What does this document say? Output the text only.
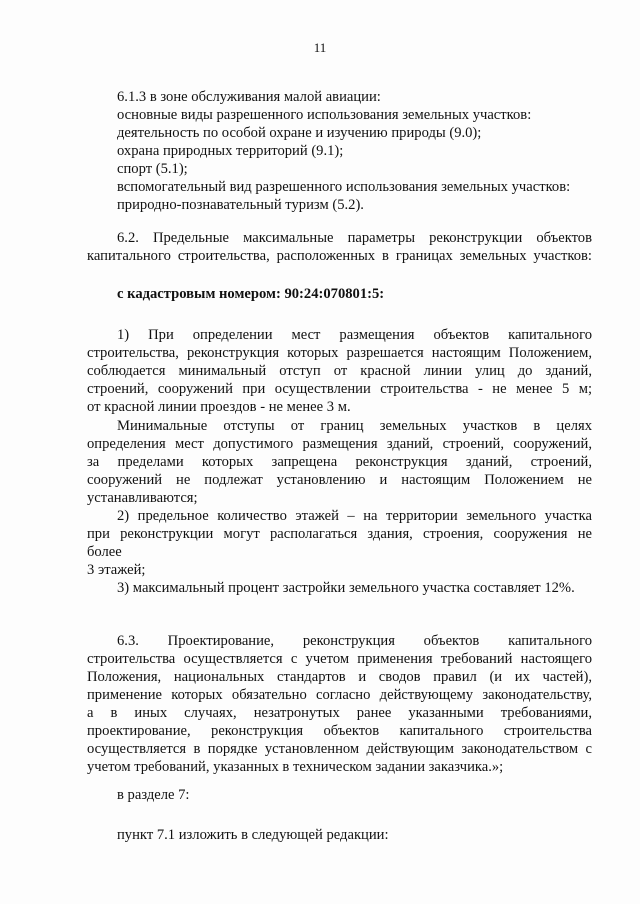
11
6.1.3 в зоне обслуживания малой авиации:
основные виды разрешенного использования земельных участков:
деятельность по особой охране и изучению природы (9.0);
охрана природных территорий (9.1);
спорт (5.1);
вспомогательный вид разрешенного использования земельных участков:
природно-познавательный туризм (5.2).
6.2. Предельные максимальные параметры реконструкции объектов
капитального строительства, расположенных в границах земельных участков:
с кадастровым номером: 90:24:070801:5:
1) При определении мест размещения объектов капитального
строительства, реконструкция которых разрешается настоящим Положением,
соблюдается минимальный отступ от красной линии улиц до зданий,
строений, сооружений при осуществлении строительства - не менее 5 м;
от красной линии проездов - не менее 3 м.
Минимальные отступы от границ земельных участков в целях
определения мест допустимого размещения зданий, строений, сооружений,
за пределами которых запрещена реконструкция зданий, строений,
сооружений не подлежат установлению и настоящим Положением не
устанавливаются;
2) предельное количество этажей – на территории земельного участка
при реконструкции могут располагаться здания, строения, сооружения не
более
3 этажей;
3) максимальный процент застройки земельного участка составляет 12%.
6.3. Проектирование, реконструкция объектов капитального
строительства осуществляется с учетом применения требований настоящего
Положения, национальных стандартов и сводов правил (и их частей),
применение которых обязательно согласно действующему законодательству,
а в иных случаях, незатронутых ранее указанными требованиями,
проектирование, реконструкция объектов капитального строительства
осуществляется в порядке установленном действующим законодательством с
учетом требований, указанных в техническом задании заказчика.»;
в разделе 7:
пункт 7.1 изложить в следующей редакции:
